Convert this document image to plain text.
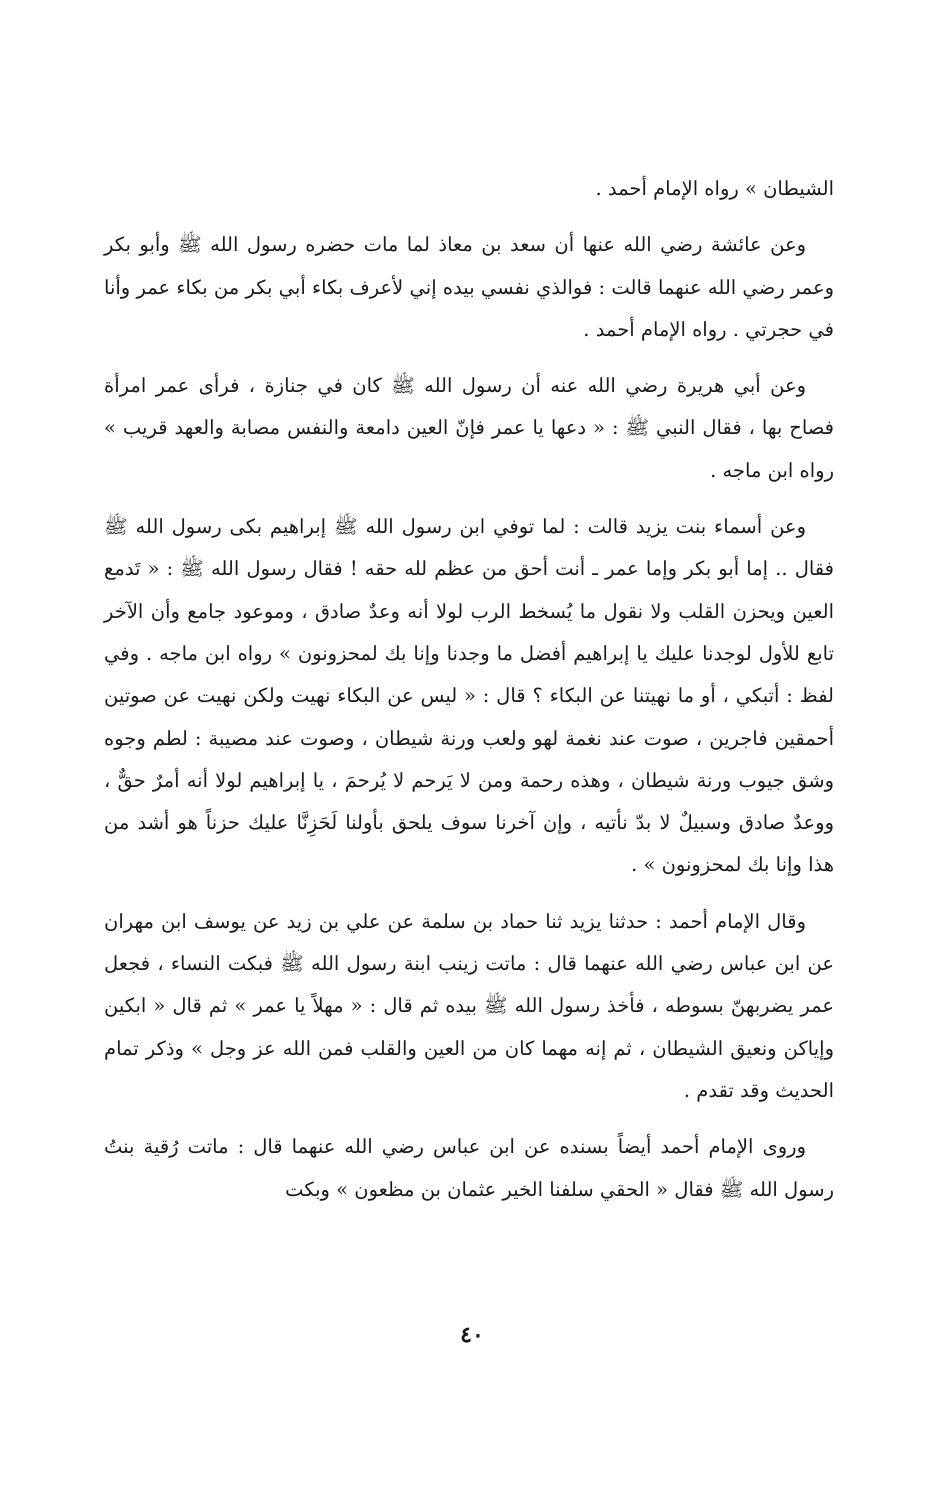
الشيطان » رواه الإمام أحمد .

وعن عائشة رضي الله عنها أن سعد بن معاذ لما مات حضره رسول الله ﷺ وأبو بكر وعمر رضي الله عنهما قالت : فوالذي نفسي بيده إني لأعرف بكاء أبي بكر من بكاء عمر وأنا في حجرتي . رواه الإمام أحمد .

وعن أبي هريرة رضي الله عنه أن رسول الله ﷺ كان في جنازة ، فرأى عمر امرأة فصاح بها ، فقال النبي ﷺ : « دعها يا عمر فإنّ العين دامعة والنفس مصابة والعهد قريب » رواه ابن ماجه .

وعن أسماء بنت يزيد قالت : لما توفي ابن رسول الله ﷺ إبراهيم بكى رسول الله ﷺ فقال .. إما أبو بكر وإما عمر ـ أنت أحق من عظم لله حقه ! فقال رسول الله ﷺ : « تَدمع العين ويحزن القلب ولا نقول ما يُسخط الرب لولا أنه وعدٌ صادق ، وموعود جامع وأن الآخر تابع للأول لوجدنا عليك يا إبراهيم أفضل ما وجدنا وإنا بك لمحزونون » رواه ابن ماجه . وفي لفظ : أتبكي ، أو ما نهيتنا عن البكاء ؟ قال : « ليس عن البكاء نهيت ولكن نهيت عن صوتين أحمقين فاجرين ، صوت عند نغمة لهو ولعب ورنة شيطان ، وصوت عند مصيبة : لطم وجوه وشق جيوب ورنة شيطان ، وهذه رحمة ومن لا يَرحم لا يُرحمَ ، يا إبراهيم لولا أنه أمرٌ حقٌّ ، ووعدٌ صادق وسبيلٌ لا بدّ نأتيه ، وإن آخرنا سوف يلحق بأولنا لَحَزِنَّا عليك حزناً هو أشد من هذا وإنا بك لمحزونون » .

وقال الإمام أحمد : حدثنا يزيد ثنا حماد بن سلمة عن علي بن زيد عن يوسف ابن مهران عن ابن عباس رضي الله عنهما قال : ماتت زينب ابنة رسول الله ﷺ فبكت النساء ، فجعل عمر يضربهنّ بسوطه ، فأخذ رسول الله ﷺ بيده ثم قال : « مهلاً يا عمر » ثم قال « ابكين وإياكن ونعيق الشيطان ، ثم إنه مهما كان من العين والقلب فمن الله عز وجل » وذكر تمام الحديث وقد تقدم .

وروى الإمام أحمد أيضاً بسنده عن ابن عباس رضي الله عنهما قال : ماتت رُقية بنتُ رسول الله ﷺ فقال « الحقي سلفنا الخير عثمان بن مظعون » وبكت

٤٠
